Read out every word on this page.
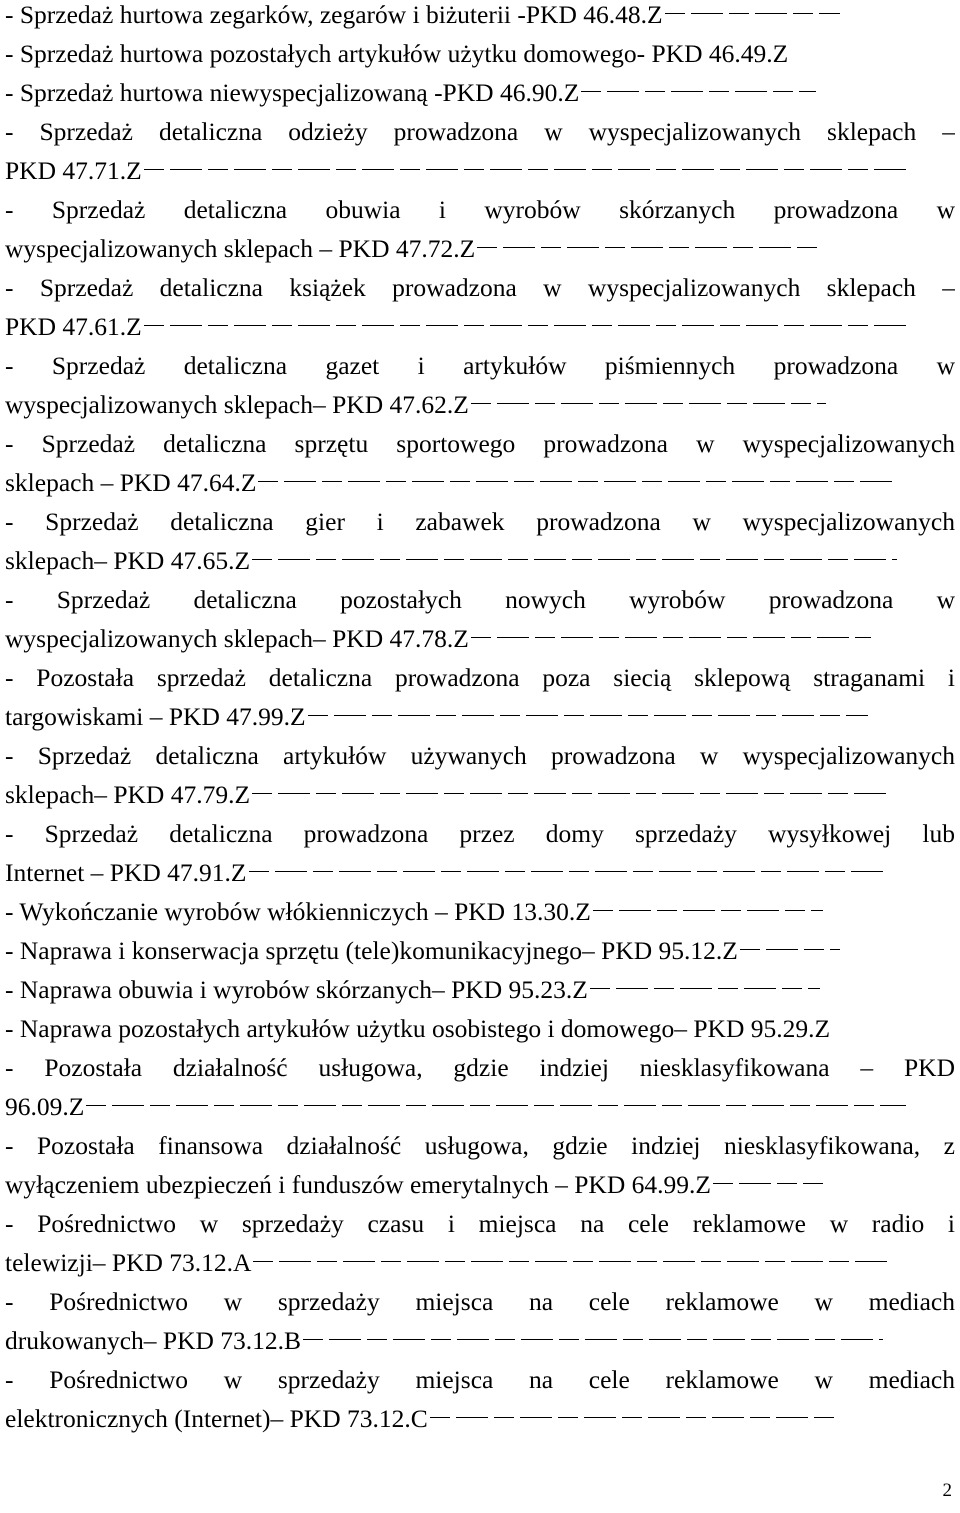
- Sprzedaż hurtowa zegarków, zegarów i biżuterii -PKD 46.48.Z
- Sprzedaż hurtowa pozostałych artykułów użytku domowego- PKD 46.49.Z
- Sprzedaż hurtowa niewyspecjalizowaną -PKD 46.90.Z
- Sprzedaż detaliczna odzieży prowadzona w wyspecjalizowanych sklepach –
PKD 47.71.Z
- Sprzedaż detaliczna obuwia i wyrobów skórzanych prowadzona w
wyspecjalizowanych sklepach – PKD 47.72.Z
- Sprzedaż detaliczna książek prowadzona w wyspecjalizowanych sklepach –
PKD 47.61.Z
- Sprzedaż detaliczna gazet i artykułów piśmiennych prowadzona w
wyspecjalizowanych sklepach– PKD 47.62.Z
- Sprzedaż detaliczna sprzętu sportowego prowadzona w wyspecjalizowanych
sklepach – PKD 47.64.Z
- Sprzedaż detaliczna gier i zabawek prowadzona w wyspecjalizowanych
sklepach– PKD 47.65.Z
- Sprzedaż detaliczna pozostałych nowych wyrobów prowadzona w
wyspecjalizowanych sklepach– PKD 47.78.Z
- Pozostała sprzedaż detaliczna prowadzona poza siecią sklepową straganami i
targowiskami – PKD 47.99.Z
- Sprzedaż detaliczna artykułów używanych prowadzona w wyspecjalizowanych
sklepach– PKD 47.79.Z
- Sprzedaż detaliczna prowadzona przez domy sprzedaży wysyłkowej lub
Internet – PKD 47.91.Z
- Wykończanie wyrobów włókienniczych – PKD 13.30.Z
- Naprawa i konserwacja sprzętu (tele)komunikacyjnego– PKD 95.12.Z
- Naprawa obuwia i wyrobów skórzanych– PKD 95.23.Z
- Naprawa pozostałych artykułów użytku osobistego i domowego– PKD 95.29.Z
- Pozostała działalność usługowa, gdzie indziej niesklasyfikowana – PKD
96.09.Z
- Pozostała finansowa działalność usługowa, gdzie indziej niesklasyfikowana, z
wyłączeniem ubezpieczeń i funduszów emerytalnych – PKD 64.99.Z
- Pośrednictwo w sprzedaży czasu i miejsca na cele reklamowe w radio i
telewizji– PKD 73.12.A
- Pośrednictwo w sprzedaży miejsca na cele reklamowe w mediach
drukowanych– PKD 73.12.B
- Pośrednictwo w sprzedaży miejsca na cele reklamowe w mediach
elektronicznych (Internet)– PKD 73.12.C
2
